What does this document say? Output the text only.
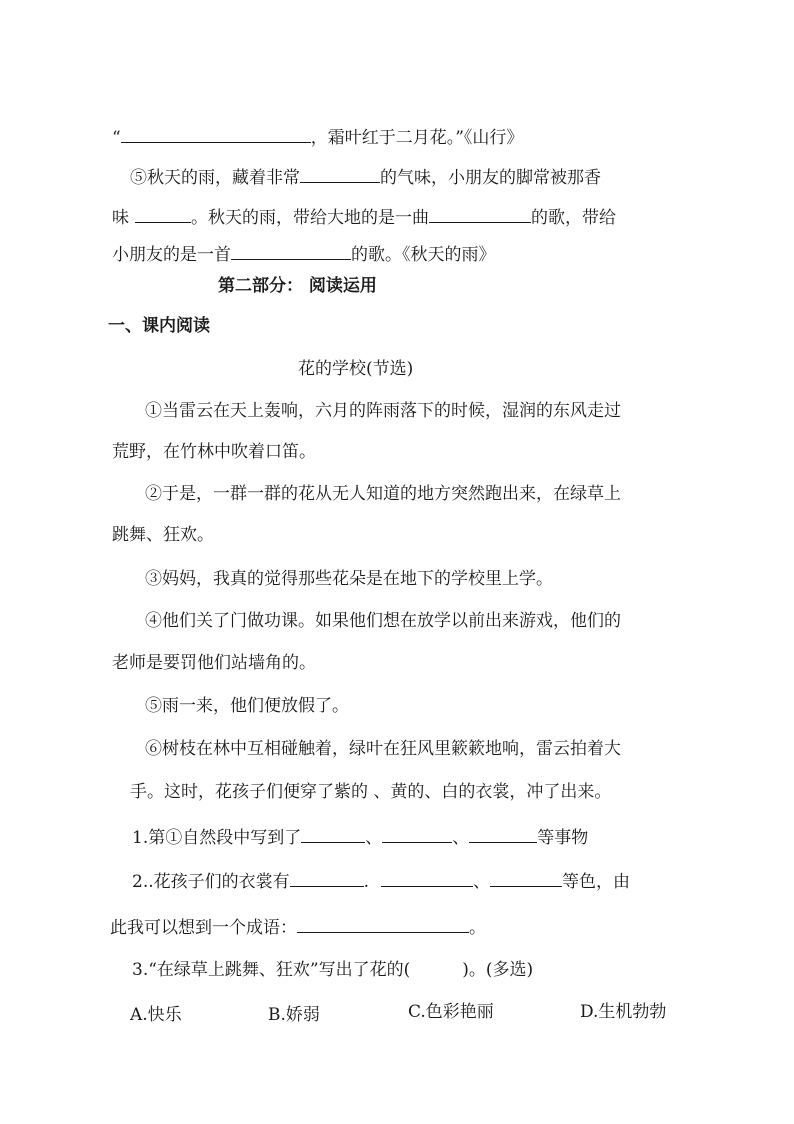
“	，霜叶红于二月花。”《山行》
⑤秋天的雨，藏着非常	的气味，小朋友的脚常被那香
味	。秋天的雨，带给大地的是一曲	的歌，带给
小朋友的是一首	的歌。《秋天的雨》
第二部分： 阅读运用
一、课内阅读
花的学校(节选)
①当雷云在天上轰响，六月的阵雨落下的时候，湿润的东风走过
荒野，在竹林中吹着口笛。
②于是，一群一群的花从无人知道的地方突然跑出来，在绿草上
跳舞、狂欢。
③妈妈，我真的觉得那些花朵是在地下的学校里上学。
④他们关了门做功课。如果他们想在放学以前出来游戏，他们的
老师是要罚他们站墙角的。
⑤雨一来，他们便放假了。
⑥树枝在林中互相碰触着，绿叶在狂风里簌簌地响，雷云拍着大
手。这时，花孩子们便穿了紫的 、黄的、白的衣裳，冲了出来。
1.第①自然段中写到了	、	、	等事物
2..花孩子们的衣裳有	.	、	等色，由
此我可以想到一个成语：	。
3.“在绿草上跳舞、狂欢”写出了花的(	)。(多选)
A.快乐	B.娇弱	C.色彩艳丽	D.生机勃勃
